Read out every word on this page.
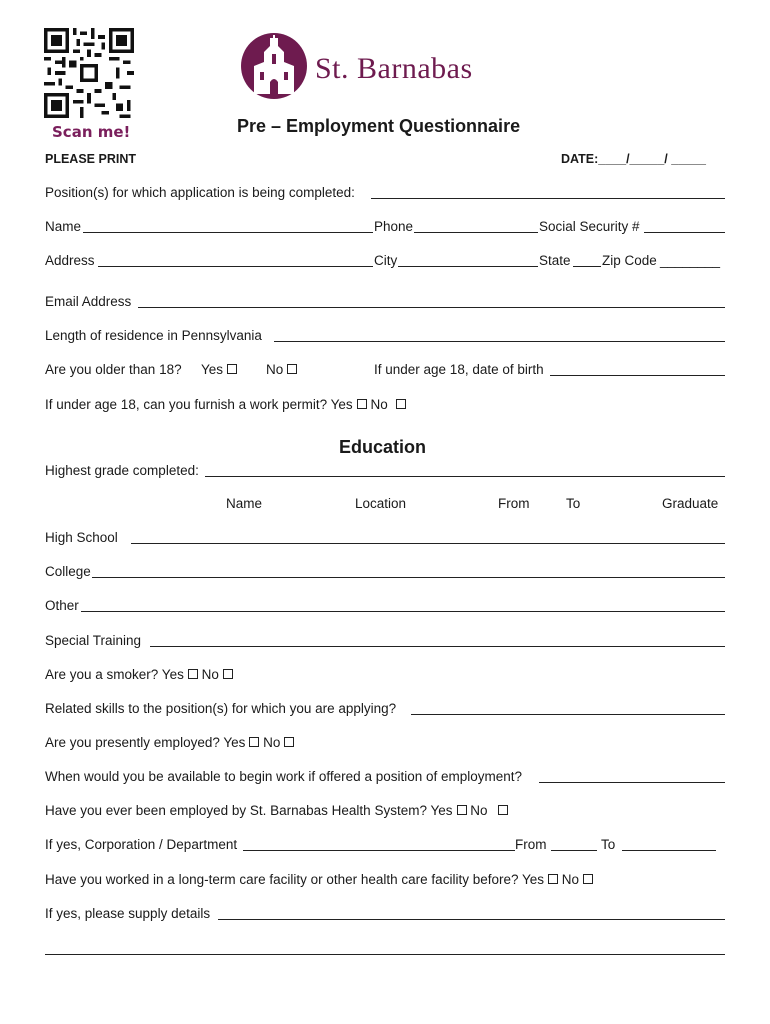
Scan me!
St. Barnabas
Pre – Employment Questionnaire
PLEASE PRINT	DATE:____/_____/ _____
Position(s) for which application is being completed:
Name	Phone	Social Security #
Address	City	State Zip Code ________
Email Address
Length of residence in Pennsylvania
Are you older than 18? Yes	No	If under age 18, date of birth
If under age 18, can you furnish a work permit? Yes No
Education
Highest grade completed:
Name	Location	From	To	Graduate
High School
College
Other
Special Training
Are you a smoker? Yes No
Related skills to the position(s) for which you are applying?
Are you presently employed? Yes No
When would you be available to begin work if offered a position of employment?
Have you ever been employed by St. Barnabas Health System? Yes No
If yes, Corporation / Department	From	To
Have you worked in a long-term care facility or other health care facility before? Yes No
If yes, please supply details
